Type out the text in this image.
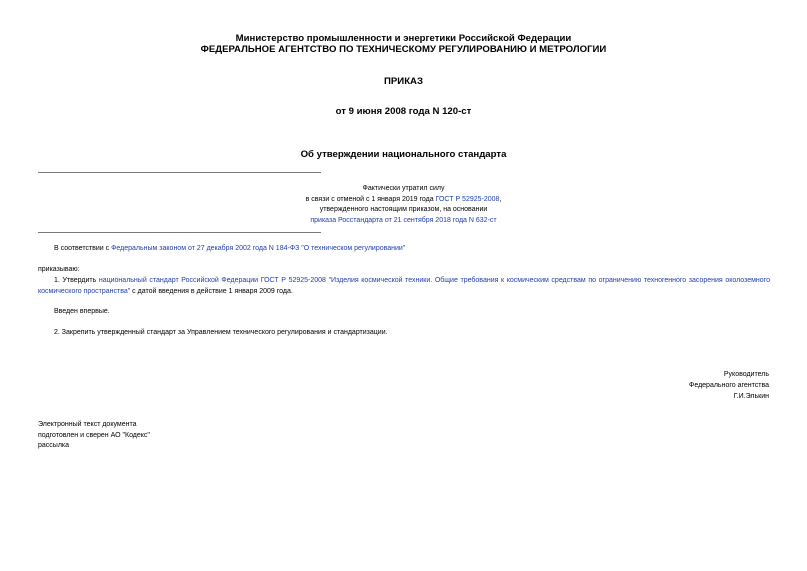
Министерство промышленности и энергетики Российской Федерации
ФЕДЕРАЛЬНОЕ АГЕНТСТВО ПО ТЕХНИЧЕСКОМУ РЕГУЛИРОВАНИЮ И МЕТРОЛОГИИ
ПРИКАЗ
от 9 июня 2008 года N 120-ст
Об утверждении национального стандарта
Фактически утратил силу
в связи с отменой с 1 января 2019 года ГОСТ Р 52925-2008,
утвержденного настоящим приказом, на основании
приказа Росстандарта от 21 сентября 2018 года N 632-ст
В соответствии с Федеральным законом от 27 декабря 2002 года N 184-ФЗ "О техническом регулировании"
приказываю:
1. Утвердить национальный стандарт Российской Федерации ГОСТ Р 52925-2008 "Изделия космической техники. Общие требования к космическим средствам по ограничению техногенного засорения околоземного космического пространства" с датой введения в действие 1 января 2009 года.
Введен впервые.
2. Закрепить утвержденный стандарт за Управлением технического регулирования и стандартизации.
Руководитель
Федерального агентства
Г.И.Элькин
Электронный текст документа
подготовлен и сверен АО "Кодекс"
рассылка
